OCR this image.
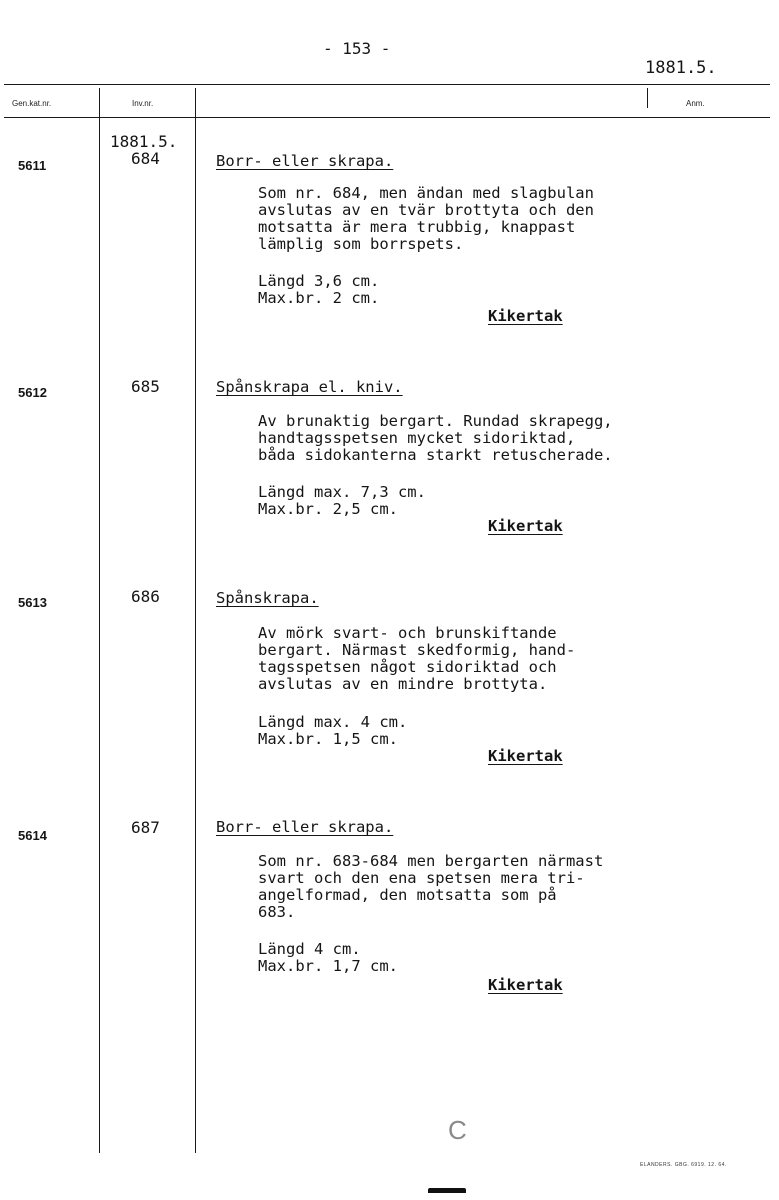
- 153 -
1881.5.
Gen.kat.nr.	Inv.nr.	Anm.
1881.5.
5611	684	Borr- eller skrapa.
Som nr. 684, men ändan med slagbulan
avslutas av en tvär brottyta och den
motsatta är mera trubbig, knappast
lämplig som borrspets.
Längd 3,6 cm.
Max.br. 2 cm.
Kikertak
5612	685	Spånskrapa el. kniv.
Av brunaktig bergart. Rundad skrapegg,
handtagsspetsen mycket sidoriktad,
båda sidokanterna starkt retuscherade.
Längd max. 7,3 cm.
Max.br. 2,5 cm.
Kikertak
5613	686	Spånskrapa.
Av mörk svart- och brunskiftande
bergart. Närmast skedformig, hand-
tagsspetsen något sidoriktad och
avslutas av en mindre brottyta.
Längd max. 4 cm.
Max.br. 1,5 cm.
Kikertak
5614	687	Borr- eller skrapa.
Som nr. 683-684 men bergarten närmast
svart och den ena spetsen mera tri-
angelformad, den motsatta som på
683.
Längd 4 cm.
Max.br. 1,7 cm.
Kikertak
C
ELANDERS. GBG. 6919. 12. 64.
